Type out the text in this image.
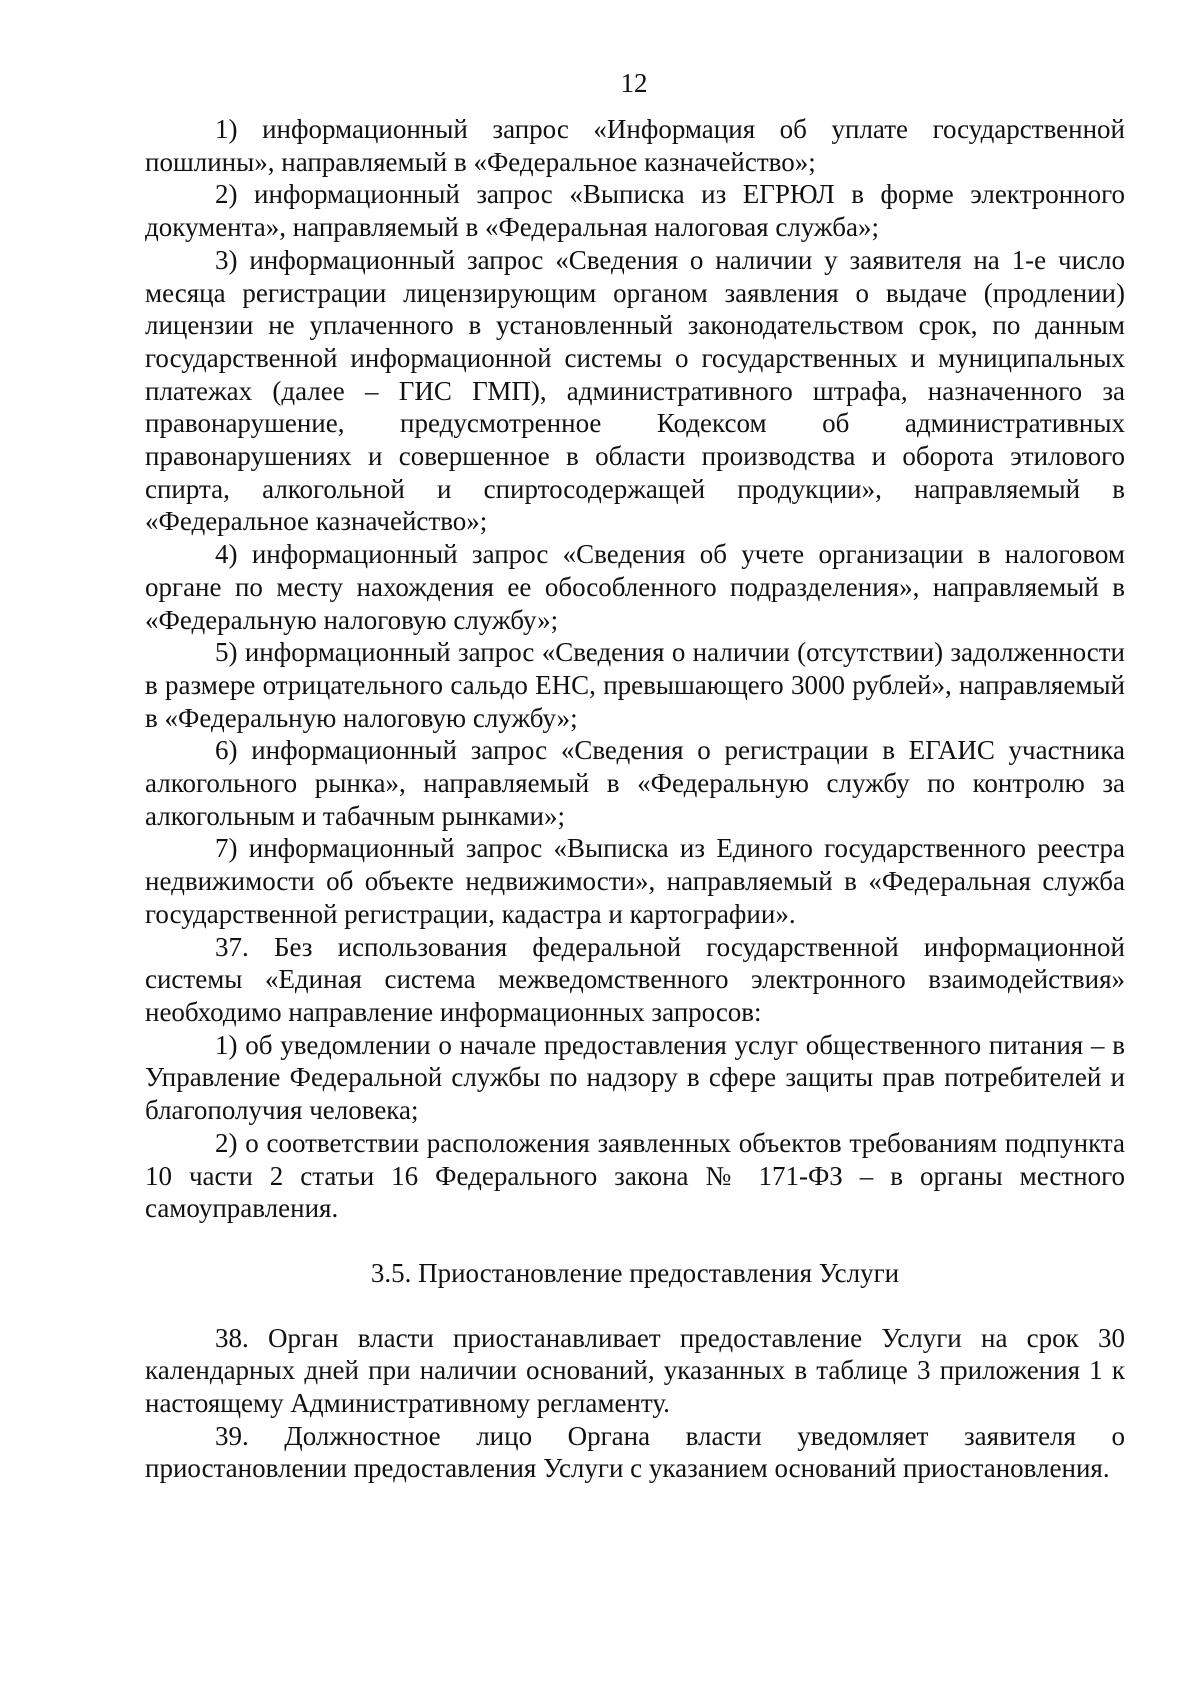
12

1) информационный запрос «Информация об уплате государственной пошлины», направляемый в «Федеральное казначейство»;

2) информационный запрос «Выписка из ЕГРЮЛ в форме электронного документа», направляемый в «Федеральная налоговая служба»;

3) информационный запрос «Сведения о наличии у заявителя на 1-е число месяца регистрации лицензирующим органом заявления о выдаче (продлении) лицензии не уплаченного в установленный законодательством срок, по данным государственной информационной системы о государственных и муниципальных платежах (далее – ГИС ГМП), административного штрафа, назначенного за правонарушение, предусмотренное Кодексом об административных правонарушениях и совершенное в области производства и оборота этилового спирта, алкогольной и спиртосодержащей продукции», направляемый в «Федеральное казначейство»;

4) информационный запрос «Сведения об учете организации в налоговом органе по месту нахождения ее обособленного подразделения», направляемый в «Федеральную налоговую службу»;

5) информационный запрос «Сведения о наличии (отсутствии) задолженности в размере отрицательного сальдо ЕНС, превышающего 3000 рублей», направляемый в «Федеральную налоговую службу»;

6) информационный запрос «Сведения о регистрации в ЕГАИС участника алкогольного рынка», направляемый в «Федеральную службу по контролю за алкогольным и табачным рынками»;

7) информационный запрос «Выписка из Единого государственного реестра недвижимости об объекте недвижимости», направляемый в «Федеральная служба государственной регистрации, кадастра и картографии».

37. Без использования федеральной государственной информационной системы «Единая система межведомственного электронного взаимодействия» необходимо направление информационных запросов:

1) об уведомлении о начале предоставления услуг общественного питания – в Управление Федеральной службы по надзору в сфере защиты прав потребителей и благополучия человека;

2) о соответствии расположения заявленных объектов требованиям подпункта 10 части 2 статьи 16 Федерального закона № 171-ФЗ – в органы местного самоуправления.

3.5. Приостановление предоставления Услуги

38. Орган власти приостанавливает предоставление Услуги на срок 30 календарных дней при наличии оснований, указанных в таблице 3 приложения 1 к настоящему Административному регламенту.

39. Должностное лицо Органа власти уведомляет заявителя о приостановлении предоставления Услуги с указанием оснований приостановления.
